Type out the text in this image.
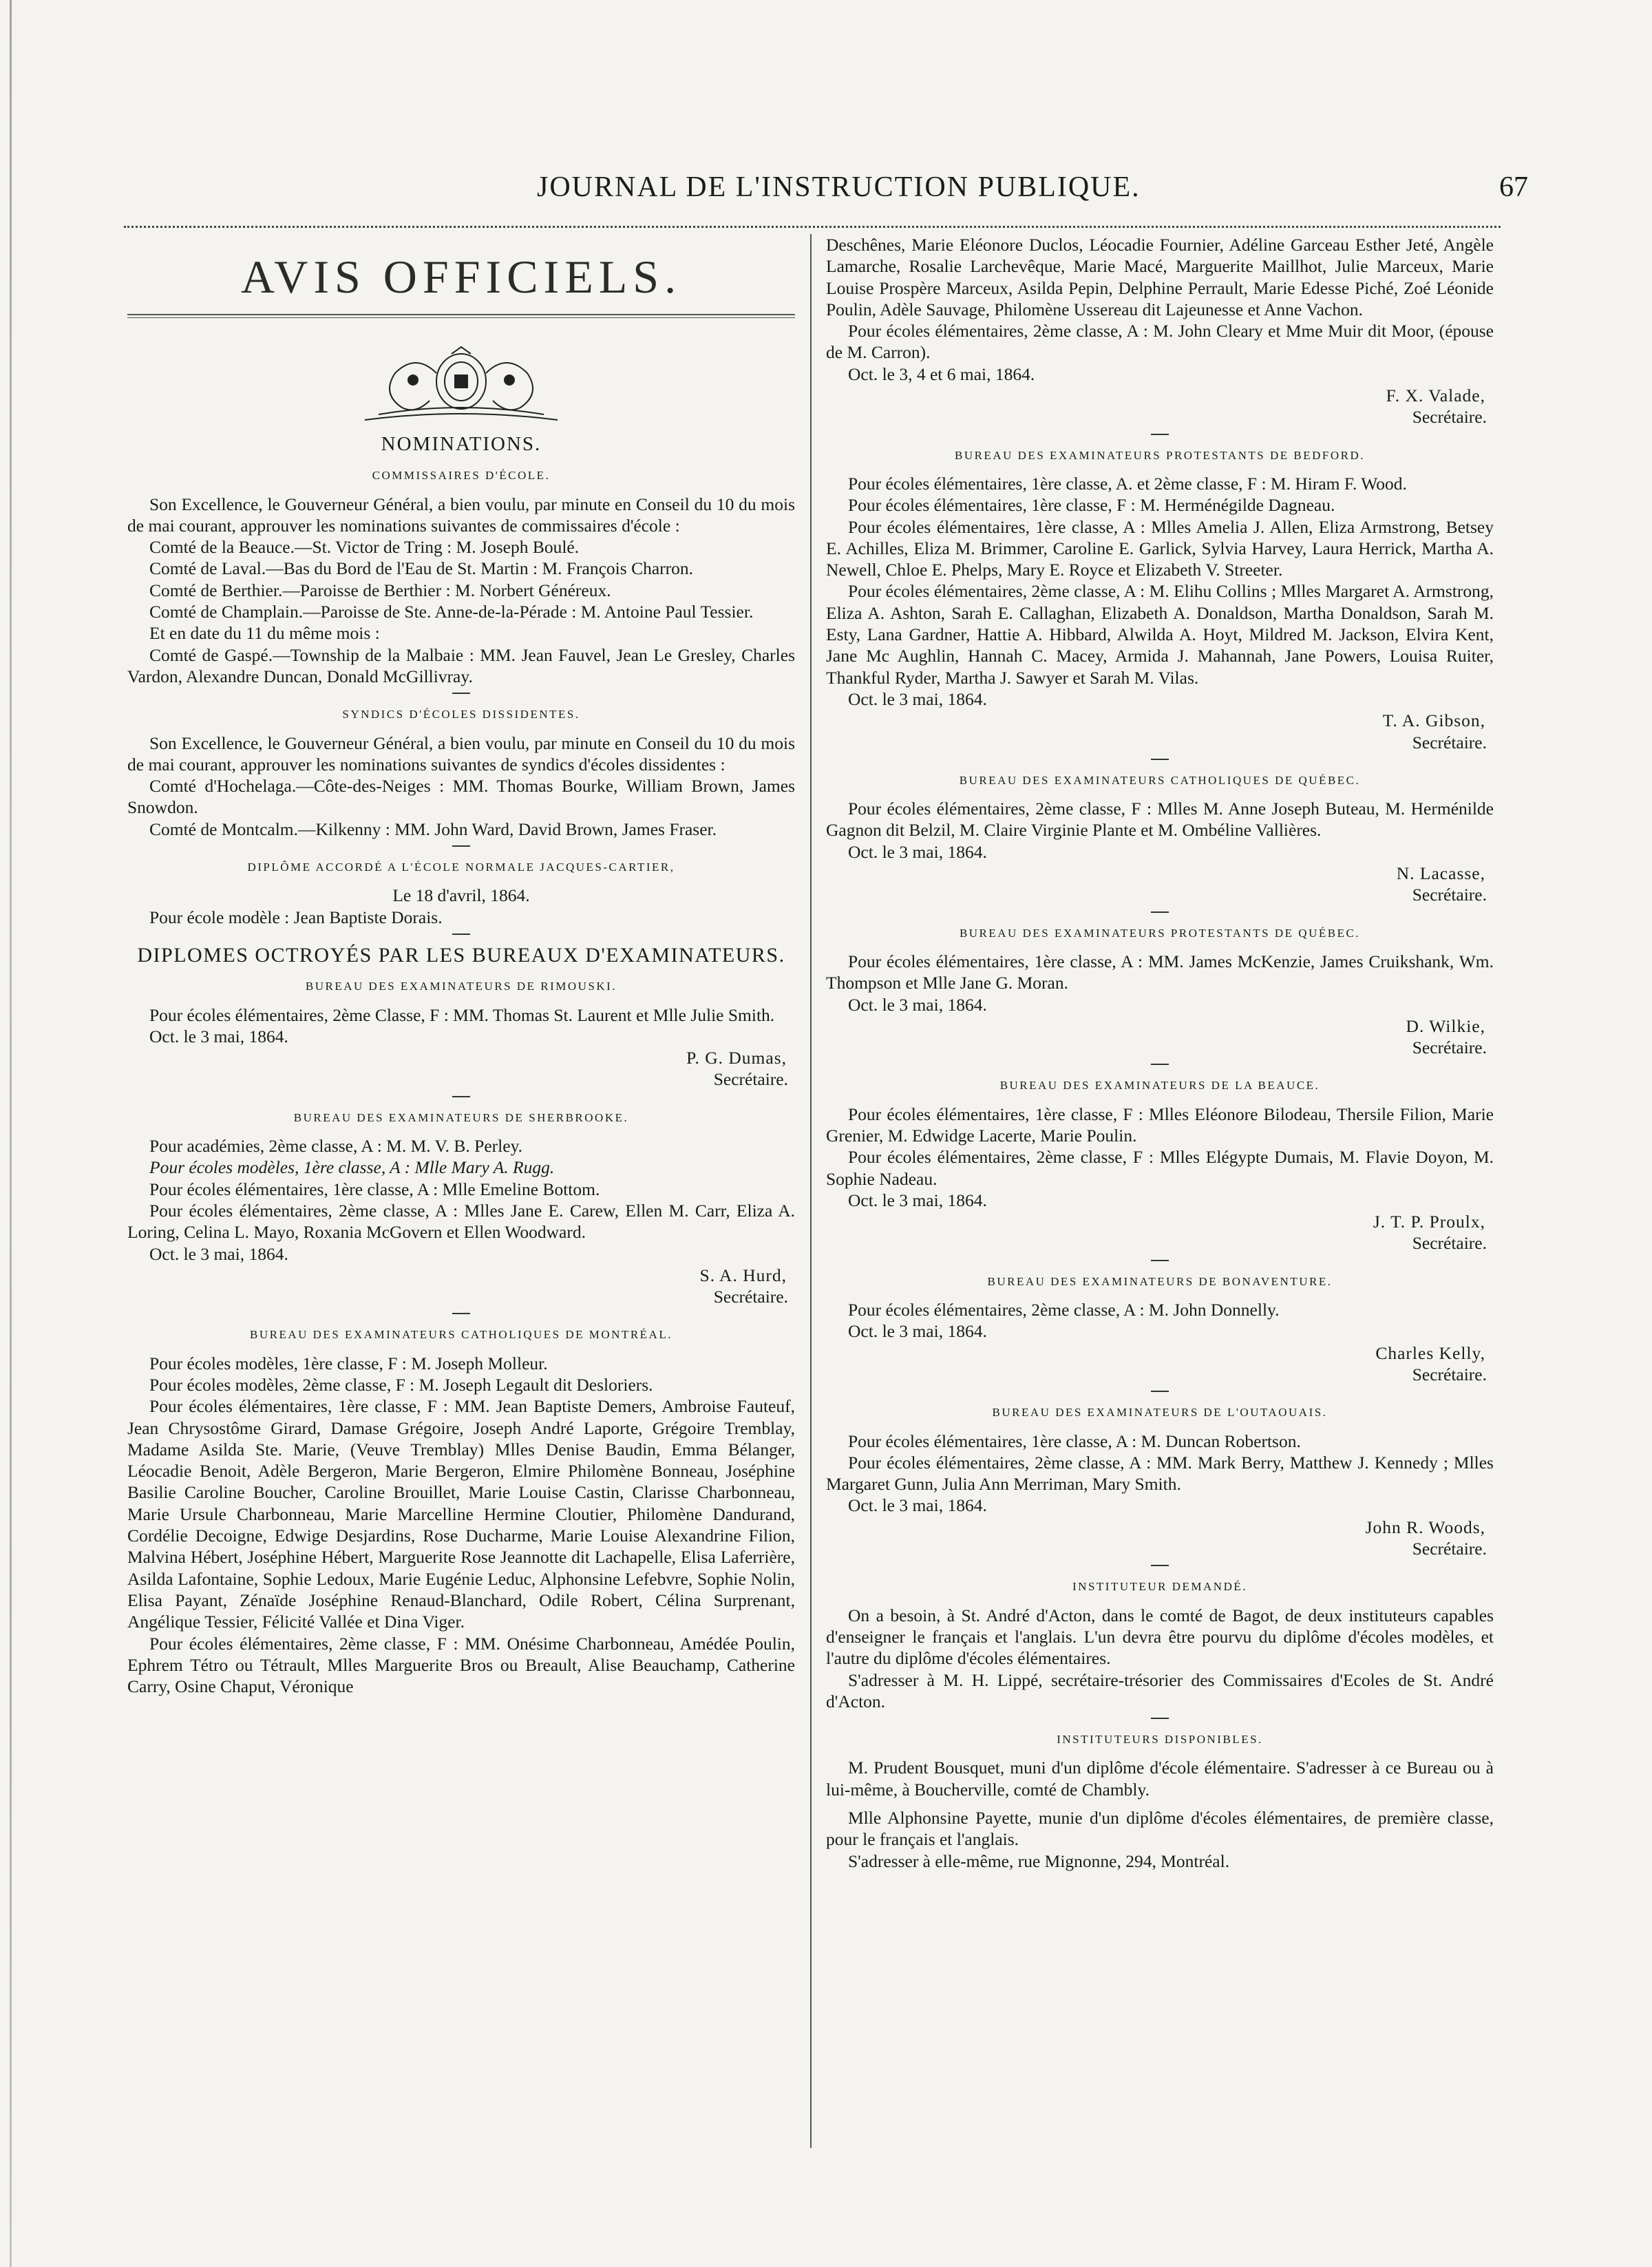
JOURNAL DE L'INSTRUCTION PUBLIQUE.	67
AVIS OFFICIELS.
NOMINATIONS.
COMMISSAIRES D'ÉCOLE.

Son Excellence, le Gouverneur Général, a bien voulu, par minute en Conseil du 10 du mois de mai courant, approuver les nominations suivantes de commissaires d'école :

Comté de la Beauce.—St. Victor de Tring : M. Joseph Boulé.

Comté de Laval.—Bas du Bord de l'Eau de St. Martin : M. François Charron.

Comté de Berthier.—Paroisse de Berthier : M. Norbert Généreux.

Comté de Champlain.—Paroisse de Ste. Anne-de-la-Pérade : M. Antoine Paul Tessier.

Et en date du 11 du même mois :

Comté de Gaspé.—Township de la Malbaie : MM. Jean Fauvel, Jean Le Gresley, Charles Vardon, Alexandre Duncan, Donald McGillivray.

SYNDICS D'ÉCOLES DISSIDENTES.

Son Excellence, le Gouverneur Général, a bien voulu, par minute en Conseil du 10 du mois de mai courant, approuver les nominations suivantes de syndics d'écoles dissidentes :

Comté d'Hochelaga.—Côte-des-Neiges : MM. Thomas Bourke, William Brown, James Snowdon.

Comté de Montcalm.—Kilkenny : MM. John Ward, David Brown, James Fraser.

DIPLÔME ACCORDÉ A L'ÉCOLE NORMALE JACQUES-CARTIER,

Le 18 d'avril, 1864.

Pour école modèle : Jean Baptiste Dorais.

DIPLOMES OCTROYÉS PAR LES BUREAUX D'EXAMINATEURS.
BUREAU DES EXAMINATEURS DE RIMOUSKI.

Pour écoles élémentaires, 2ème Classe, F : MM. Thomas St. Laurent et Mlle Julie Smith.

Oct. le 3 mai, 1864.

P. G. Dumas,

Secrétaire.

BUREAU DES EXAMINATEURS DE SHERBROOKE.

Pour académies, 2ème classe, A : M. M. V. B. Perley.

Pour écoles modèles, 1ère classe, A : Mlle Mary A. Rugg.

Pour écoles élémentaires, 1ère classe, A : Mlle Emeline Bottom.

Pour écoles élémentaires, 2ème classe, A : Mlles Jane E. Carew, Ellen M. Carr, Eliza A. Loring, Celina L. Mayo, Roxania McGovern et Ellen Woodward.

Oct. le 3 mai, 1864.

S. A. Hurd,

Secrétaire.

BUREAU DES EXAMINATEURS CATHOLIQUES DE MONTRÉAL.

Pour écoles modèles, 1ère classe, F : M. Joseph Molleur.

Pour écoles modèles, 2ème classe, F : M. Joseph Legault dit Desloriers.

Pour écoles élémentaires, 1ère classe, F : MM. Jean Baptiste Demers, Ambroise Fauteuf, Jean Chrysostôme Girard, Damase Grégoire, Joseph André Laporte, Grégoire Tremblay, Madame Asilda Ste. Marie, (Veuve Tremblay) Mlles Denise Baudin, Emma Bélanger, Léocadie Benoit, Adèle Bergeron, Marie Bergeron, Elmire Philomène Bonneau, Joséphine Basilie Caroline Boucher, Caroline Brouillet, Marie Louise Castin, Clarisse Charbonneau, Marie Ursule Charbonneau, Marie Marcelline Hermine Cloutier, Philomène Dandurand, Cordélie Decoigne, Edwige Desjardins, Rose Ducharme, Marie Louise Alexandrine Filion, Malvina Hébert, Joséphine Hébert, Marguerite Rose Jeannotte dit Lachapelle, Elisa Laferrière, Asilda Lafontaine, Sophie Ledoux, Marie Eugénie Leduc, Alphonsine Lefebvre, Sophie Nolin, Elisa Payant, Zénaïde Joséphine Renaud-Blanchard, Odile Robert, Célina Surprenant, Angélique Tessier, Félicité Vallée et Dina Viger.

Pour écoles élémentaires, 2ème classe, F : MM. Onésime Charbonneau, Amédée Poulin, Ephrem Tétro ou Tétrault, Mlles Marguerite Bros ou Breault, Alise Beauchamp, Catherine Carry, Osine Chaput, Véronique

Deschênes, Marie Eléonore Duclos, Léocadie Fournier, Adéline Garceau Esther Jeté, Angèle Lamarche, Rosalie Larchevêque, Marie Macé, Marguerite Maillhot, Julie Marceux, Marie Louise Prospère Marceux, Asilda Pepin, Delphine Perrault, Marie Edesse Piché, Zoé Léonide Poulin, Adèle Sauvage, Philomène Ussereau dit Lajeunesse et Anne Vachon.

Pour écoles élémentaires, 2ème classe, A : M. John Cleary et Mme Muir dit Moor, (épouse de M. Carron).

Oct. le 3, 4 et 6 mai, 1864.

F. X. Valade,

Secrétaire.

BUREAU DES EXAMINATEURS PROTESTANTS DE BEDFORD.

Pour écoles élémentaires, 1ère classe, A. et 2ème classe, F : M. Hiram F. Wood.

Pour écoles élémentaires, 1ère classe, F : M. Herménégilde Dagneau.

Pour écoles élémentaires, 1ère classe, A : Mlles Amelia J. Allen, Eliza Armstrong, Betsey E. Achilles, Eliza M. Brimmer, Caroline E. Garlick, Sylvia Harvey, Laura Herrick, Martha A. Newell, Chloe E. Phelps, Mary E. Royce et Elizabeth V. Streeter.

Pour écoles élémentaires, 2ème classe, A : M. Elihu Collins ; Mlles Margaret A. Armstrong, Eliza A. Ashton, Sarah E. Callaghan, Elizabeth A. Donaldson, Martha Donaldson, Sarah M. Esty, Lana Gardner, Hattie A. Hibbard, Alwilda A. Hoyt, Mildred M. Jackson, Elvira Kent, Jane Mc Aughlin, Hannah C. Macey, Armida J. Mahannah, Jane Powers, Louisa Ruiter, Thankful Ryder, Martha J. Sawyer et Sarah M. Vilas.

Oct. le 3 mai, 1864.

T. A. Gibson,

Secrétaire.

BUREAU DES EXAMINATEURS CATHOLIQUES DE QUÉBEC.

Pour écoles élémentaires, 2ème classe, F : Mlles M. Anne Joseph Buteau, M. Herménilde Gagnon dit Belzil, M. Claire Virginie Plante et M. Ombéline Vallières.

Oct. le 3 mai, 1864.

N. Lacasse,

Secrétaire.

BUREAU DES EXAMINATEURS PROTESTANTS DE QUÉBEC.

Pour écoles élémentaires, 1ère classe, A : MM. James McKenzie, James Cruikshank, Wm. Thompson et Mlle Jane G. Moran.

Oct. le 3 mai, 1864.

D. Wilkie,

Secrétaire.

BUREAU DES EXAMINATEURS DE LA BEAUCE.

Pour écoles élémentaires, 1ère classe, F : Mlles Eléonore Bilodeau, Thersile Filion, Marie Grenier, M. Edwidge Lacerte, Marie Poulin.

Pour écoles élémentaires, 2ème classe, F : Mlles Elégypte Dumais, M. Flavie Doyon, M. Sophie Nadeau.

Oct. le 3 mai, 1864.

J. T. P. Proulx,

Secrétaire.

BUREAU DES EXAMINATEURS DE BONAVENTURE.

Pour écoles élémentaires, 2ème classe, A : M. John Donnelly.

Oct. le 3 mai, 1864.

Charles Kelly,

Secrétaire.

BUREAU DES EXAMINATEURS DE L'OUTAOUAIS.

Pour écoles élémentaires, 1ère classe, A : M. Duncan Robertson.

Pour écoles élémentaires, 2ème classe, A : MM. Mark Berry, Matthew J. Kennedy ; Mlles Margaret Gunn, Julia Ann Merriman, Mary Smith.

Oct. le 3 mai, 1864.

John R. Woods,

Secrétaire.

INSTITUTEUR DEMANDÉ.

On a besoin, à St. André d'Acton, dans le comté de Bagot, de deux instituteurs capables d'enseigner le français et l'anglais. L'un devra être pourvu du diplôme d'écoles modèles, et l'autre du diplôme d'écoles élémentaires.

S'adresser à M. H. Lippé, secrétaire-trésorier des Commissaires d'Ecoles de St. André d'Acton.

INSTITUTEURS DISPONIBLES.

M. Prudent Bousquet, muni d'un diplôme d'école élémentaire. S'adresser à ce Bureau ou à lui-même, à Boucherville, comté de Chambly.

Mlle Alphonsine Payette, munie d'un diplôme d'écoles élémentaires, de première classe, pour le français et l'anglais.

S'adresser à elle-même, rue Mignonne, 294, Montréal.
